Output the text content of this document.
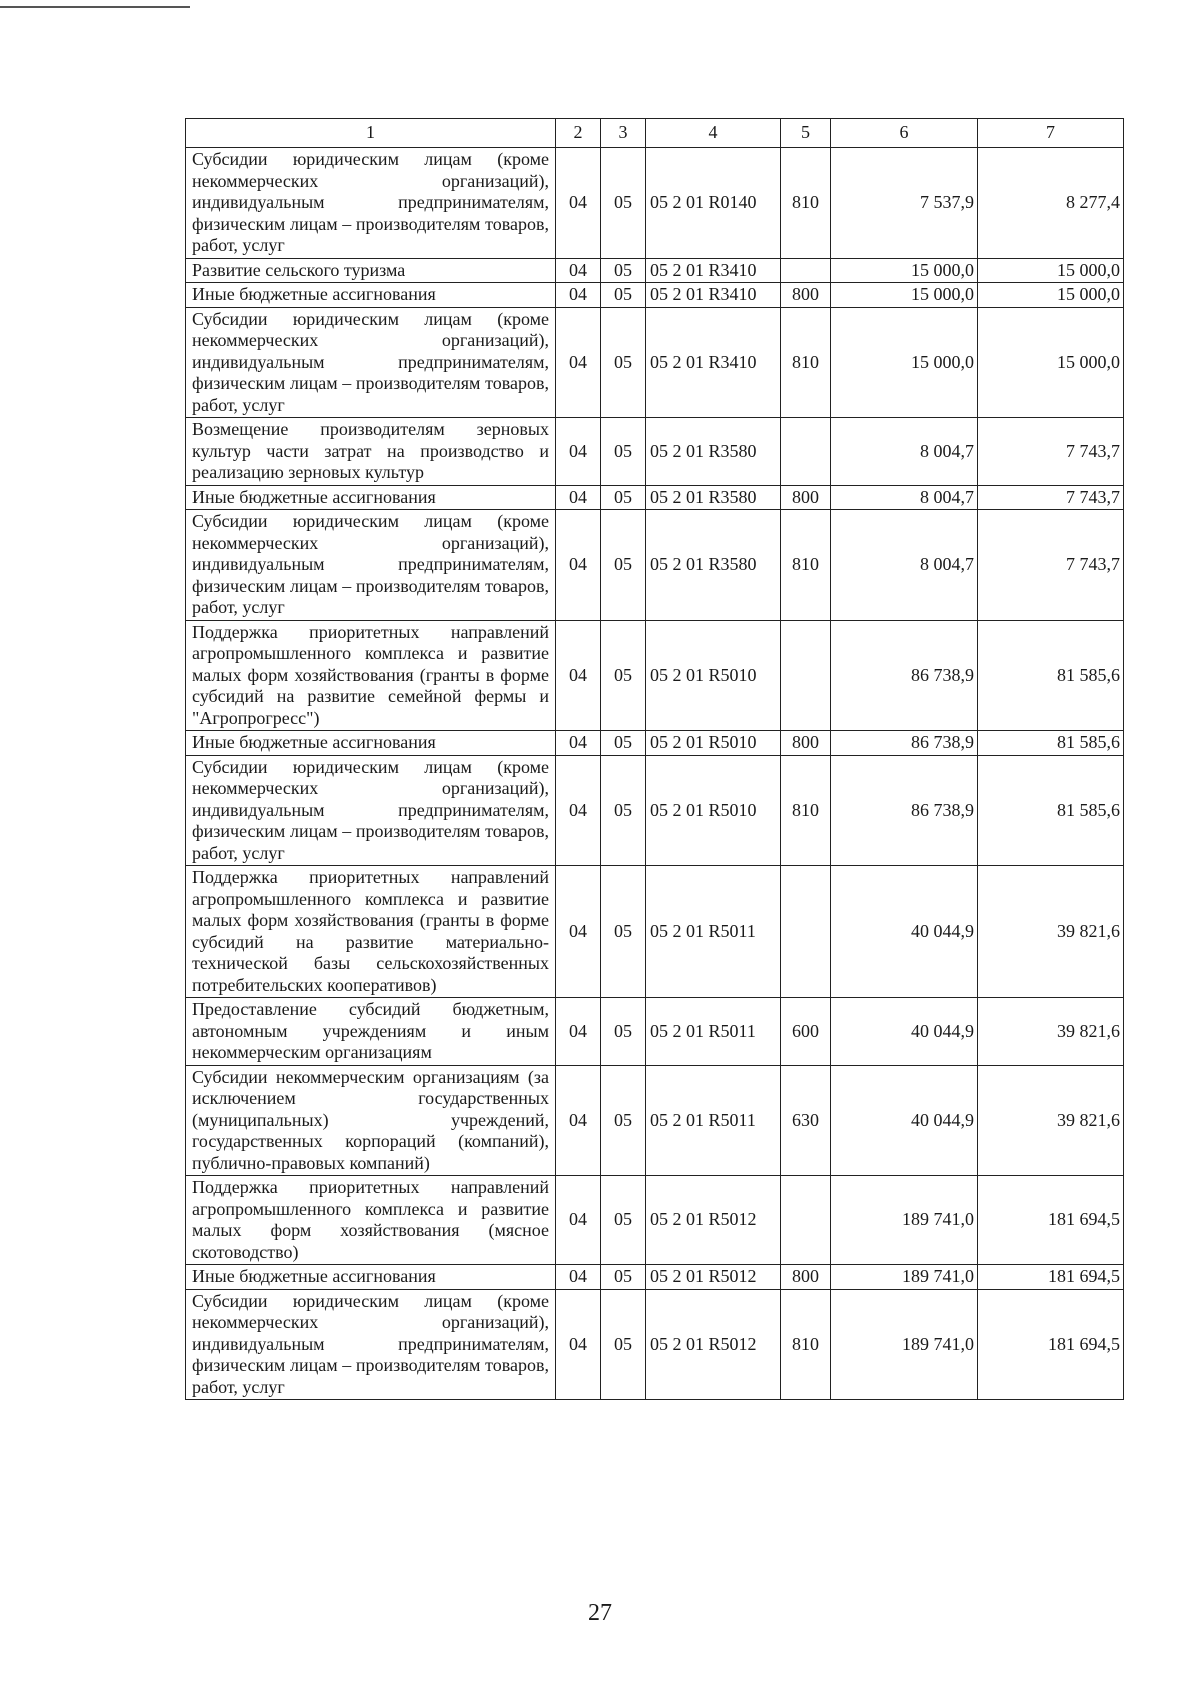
1	2	3	4	5	6	7
Субсидии юридическим лицам (кроме некоммерческих организаций), индивидуальным предпринимателям, физическим лицам – производителям товаров, работ, услуг	04	05	05 2 01 R0140	810	7 537,9	8 277,4
Развитие сельского туризма	04	05	05 2 01 R3410		15 000,0	15 000,0
Иные бюджетные ассигнования	04	05	05 2 01 R3410	800	15 000,0	15 000,0
Субсидии юридическим лицам (кроме некоммерческих организаций), индивидуальным предпринимателям, физическим лицам – производителям товаров, работ, услуг	04	05	05 2 01 R3410	810	15 000,0	15 000,0
Возмещение производителям зерновых культур части затрат на производство и реализацию зерновых культур	04	05	05 2 01 R3580		8 004,7	7 743,7
Иные бюджетные ассигнования	04	05	05 2 01 R3580	800	8 004,7	7 743,7
Субсидии юридическим лицам (кроме некоммерческих организаций), индивидуальным предпринимателям, физическим лицам – производителям товаров, работ, услуг	04	05	05 2 01 R3580	810	8 004,7	7 743,7
Поддержка приоритетных направлений агропромышленного комплекса и развитие малых форм хозяйствования (гранты в форме субсидий на развитие семейной фермы и "Агропрогресс")	04	05	05 2 01 R5010		86 738,9	81 585,6
Иные бюджетные ассигнования	04	05	05 2 01 R5010	800	86 738,9	81 585,6
Субсидии юридическим лицам (кроме некоммерческих организаций), индивидуальным предпринимателям, физическим лицам – производителям товаров, работ, услуг	04	05	05 2 01 R5010	810	86 738,9	81 585,6
Поддержка приоритетных направлений агропромышленного комплекса и развитие малых форм хозяйствования (гранты в форме субсидий на развитие материально-технической базы сельскохозяйственных потребительских кооперативов)	04	05	05 2 01 R5011		40 044,9	39 821,6
Предоставление субсидий бюджетным, автономным учреждениям и иным некоммерческим организациям	04	05	05 2 01 R5011	600	40 044,9	39 821,6
Субсидии некоммерческим организациям (за исключением государственных (муниципальных) учреждений, государственных корпораций (компаний), публично-правовых компаний)	04	05	05 2 01 R5011	630	40 044,9	39 821,6
Поддержка приоритетных направлений агропромышленного комплекса и развитие малых форм хозяйствования (мясное скотоводство)	04	05	05 2 01 R5012		189 741,0	181 694,5
Иные бюджетные ассигнования	04	05	05 2 01 R5012	800	189 741,0	181 694,5
Субсидии юридическим лицам (кроме некоммерческих организаций), индивидуальным предпринимателям, физическим лицам – производителям товаров, работ, услуг	04	05	05 2 01 R5012	810	189 741,0	181 694,5
27
